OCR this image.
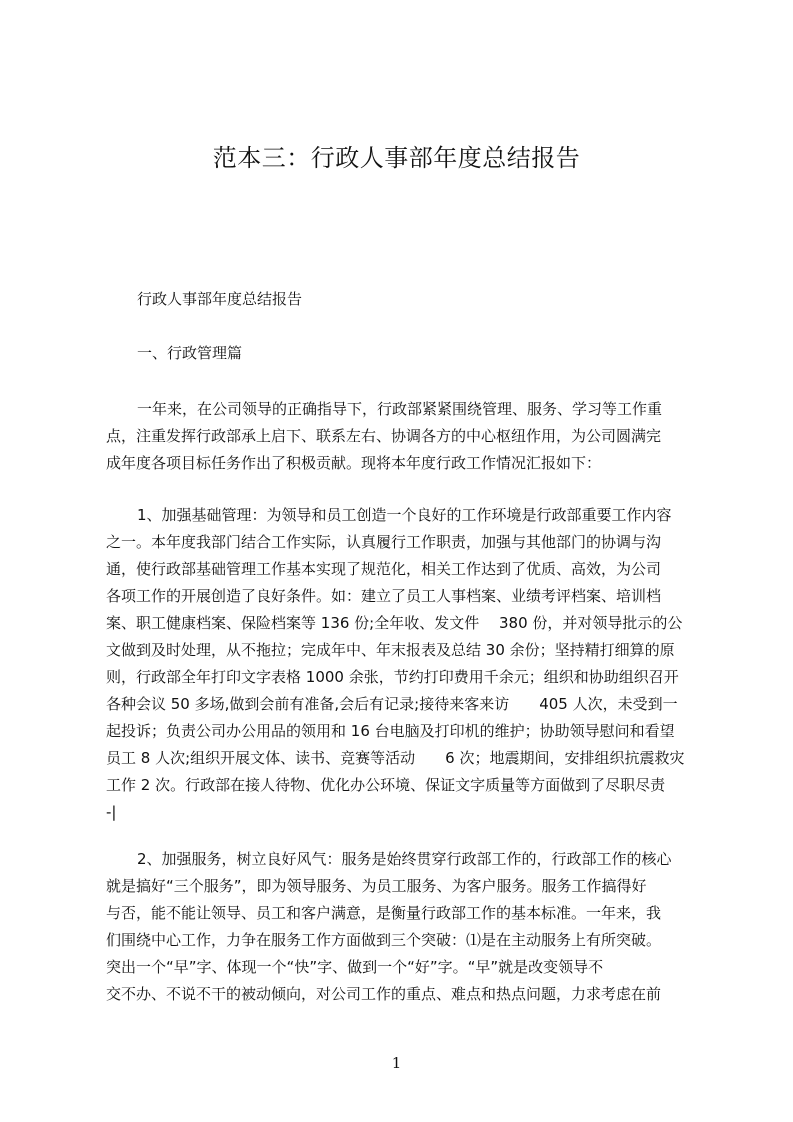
范本三：行政人事部年度总结报告
行政人事部年度总结报告
一、行政管理篇
一年来，在公司领导的正确指导下，行政部紧紧围绕管理、服务、学习等工作重
点，注重发挥行政部承上启下、联系左右、协调各方的中心枢纽作用，为公司圆满完
成年度各项目标任务作出了积极贡献。现将本年度行政工作情况汇报如下：
1、加强基础管理：为领导和员工创造一个良好的工作环境是行政部重要工作内容
之一。本年度我部门结合工作实际，认真履行工作职责，加强与其他部门的协调与沟
通，使行政部基础管理工作基本实现了规范化，相关工作达到了优质、高效，为公司
各项工作的开展创造了良好条件。如：建立了员工人事档案、业绩考评档案、培训档
案、职工健康档案、保险档案等 136 份;全年收、发文件　 380 份，并对领导批示的公
文做到及时处理，从不拖拉；完成年中、年末报表及总结 30 余份；坚持精打细算的原
则，行政部全年打印文字表格 1000 余张，节约打印费用千余元；组织和协助组织召开
各种会议 50 多场,做到会前有准备,会后有记录;接待来客来访　　405 人次，未受到一
起投诉；负责公司办公用品的领用和 16 台电脑及打印机的维护；协助领导慰问和看望
员工 8 人次;组织开展文体、读书、竞赛等活动　　6 次；地震期间，安排组织抗震救灾
工作 2 次。行政部在接人待物、优化办公环境、保证文字质量等方面做到了尽职尽责
-|
2、加强服务，树立良好风气：服务是始终贯穿行政部工作的，行政部工作的核心
就是搞好“三个服务”，即为领导服务、为员工服务、为客户服务。服务工作搞得好
与否，能不能让领导、员工和客户满意，是衡量行政部工作的基本标准。一年来，我
们围绕中心工作，力争在服务工作方面做到三个突破：⑴是在主动服务上有所突破。
突出一个“早”字、体现一个“快”字、做到一个“好”字。“早”就是改变领导不
交不办、不说不干的被动倾向，对公司工作的重点、难点和热点问题，力求考虑在前
1
